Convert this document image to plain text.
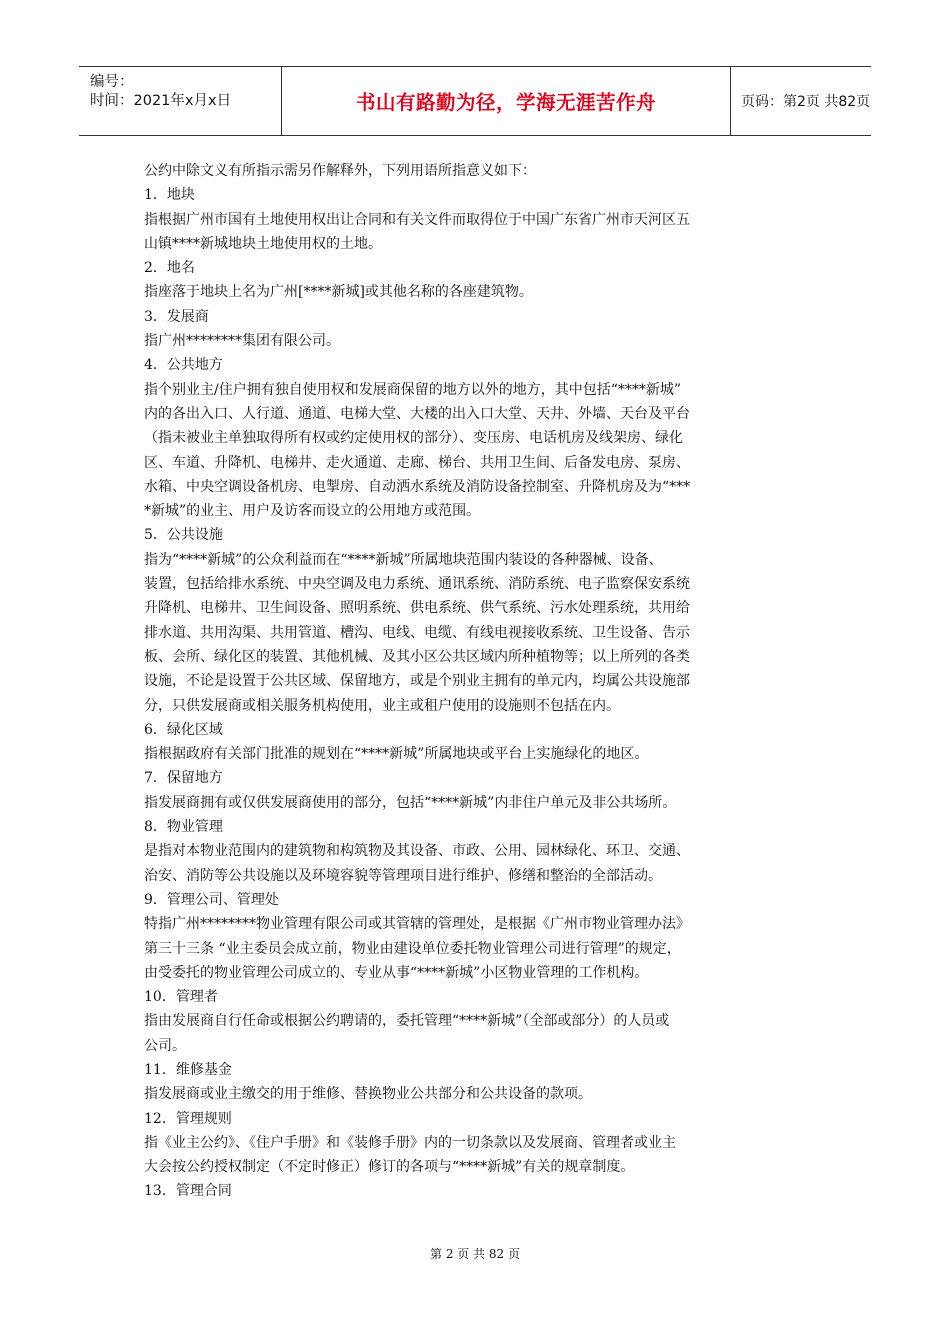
编号：
时间：2021年x月x日	书山有路勤为径，学海无涯苦作舟	页码：第2页 共82页
公约中除文义有所指示需另作解释外，下列用语所指意义如下：
1．地块
指根据广州市国有土地使用权出让合同和有关文件而取得位于中国广东省广州市天河区五
山镇****新城地块土地使用权的土地。
2．地名
指座落于地块上名为广州[****新城]或其他名称的各座建筑物。
3．发展商
指广州********集团有限公司。
4．公共地方
指个别业主/住户拥有独自使用权和发展商保留的地方以外的地方，其中包括“****新城”
内的各出入口、人行道、通道、电梯大堂、大楼的出入口大堂、天井、外墙、天台及平台
（指未被业主单独取得所有权或约定使用权的部分）、变压房、电话机房及线架房、绿化
区、车道、升降机、电梯井、走火通道、走廊、梯台、共用卫生间、后备发电房、泵房、
水箱、中央空调设备机房、电掣房、自动洒水系统及消防设备控制室、升降机房及为“***
*新城”的业主、用户及访客而设立的公用地方或范围。
5．公共设施
指为“****新城”的公众利益而在“****新城”所属地块范围内装设的各种器械、设备、
装置，包括给排水系统、中央空调及电力系统、通讯系统、消防系统、电子监察保安系统
升降机、电梯井、卫生间设备、照明系统、供电系统、供气系统、污水处理系统，共用给
排水道、共用沟渠、共用管道、槽沟、电线、电缆、有线电视接收系统、卫生设备、告示
板、会所、绿化区的装置、其他机械、及其小区公共区域内所种植物等；以上所列的各类
设施，不论是设置于公共区域、保留地方，或是个别业主拥有的单元内，均属公共设施部
分，只供发展商或相关服务机构使用，业主或租户使用的设施则不包括在内。
6．绿化区域
指根据政府有关部门批准的规划在“****新城”所属地块或平台上实施绿化的地区。
7．保留地方
指发展商拥有或仅供发展商使用的部分，包括“****新城”内非住户单元及非公共场所。
8．物业管理
是指对本物业范围内的建筑物和构筑物及其设备、市政、公用、园林绿化、环卫、交通、
治安、消防等公共设施以及环境容貌等管理项目进行维护、修缮和整治的全部活动。
9．管理公司、管理处
特指广州********物业管理有限公司或其管辖的管理处，是根据《广州市物业管理办法》
第三十三条 “业主委员会成立前，物业由建设单位委托物业管理公司进行管理”的规定，
由受委托的物业管理公司成立的、专业从事“****新城”小区物业管理的工作机构。
10．管理者
指由发展商自行任命或根据公约聘请的，委托管理“****新城”（全部或部分）的人员或
公司。
11．维修基金
指发展商或业主缴交的用于维修、替换物业公共部分和公共设备的款项。
12．管理规则
指《业主公约》、《住户手册》和《装修手册》内的一切条款以及发展商、管理者或业主
大会按公约授权制定（不定时修正）修订的各项与“****新城”有关的规章制度。
13．管理合同
第 2 页 共 82 页
